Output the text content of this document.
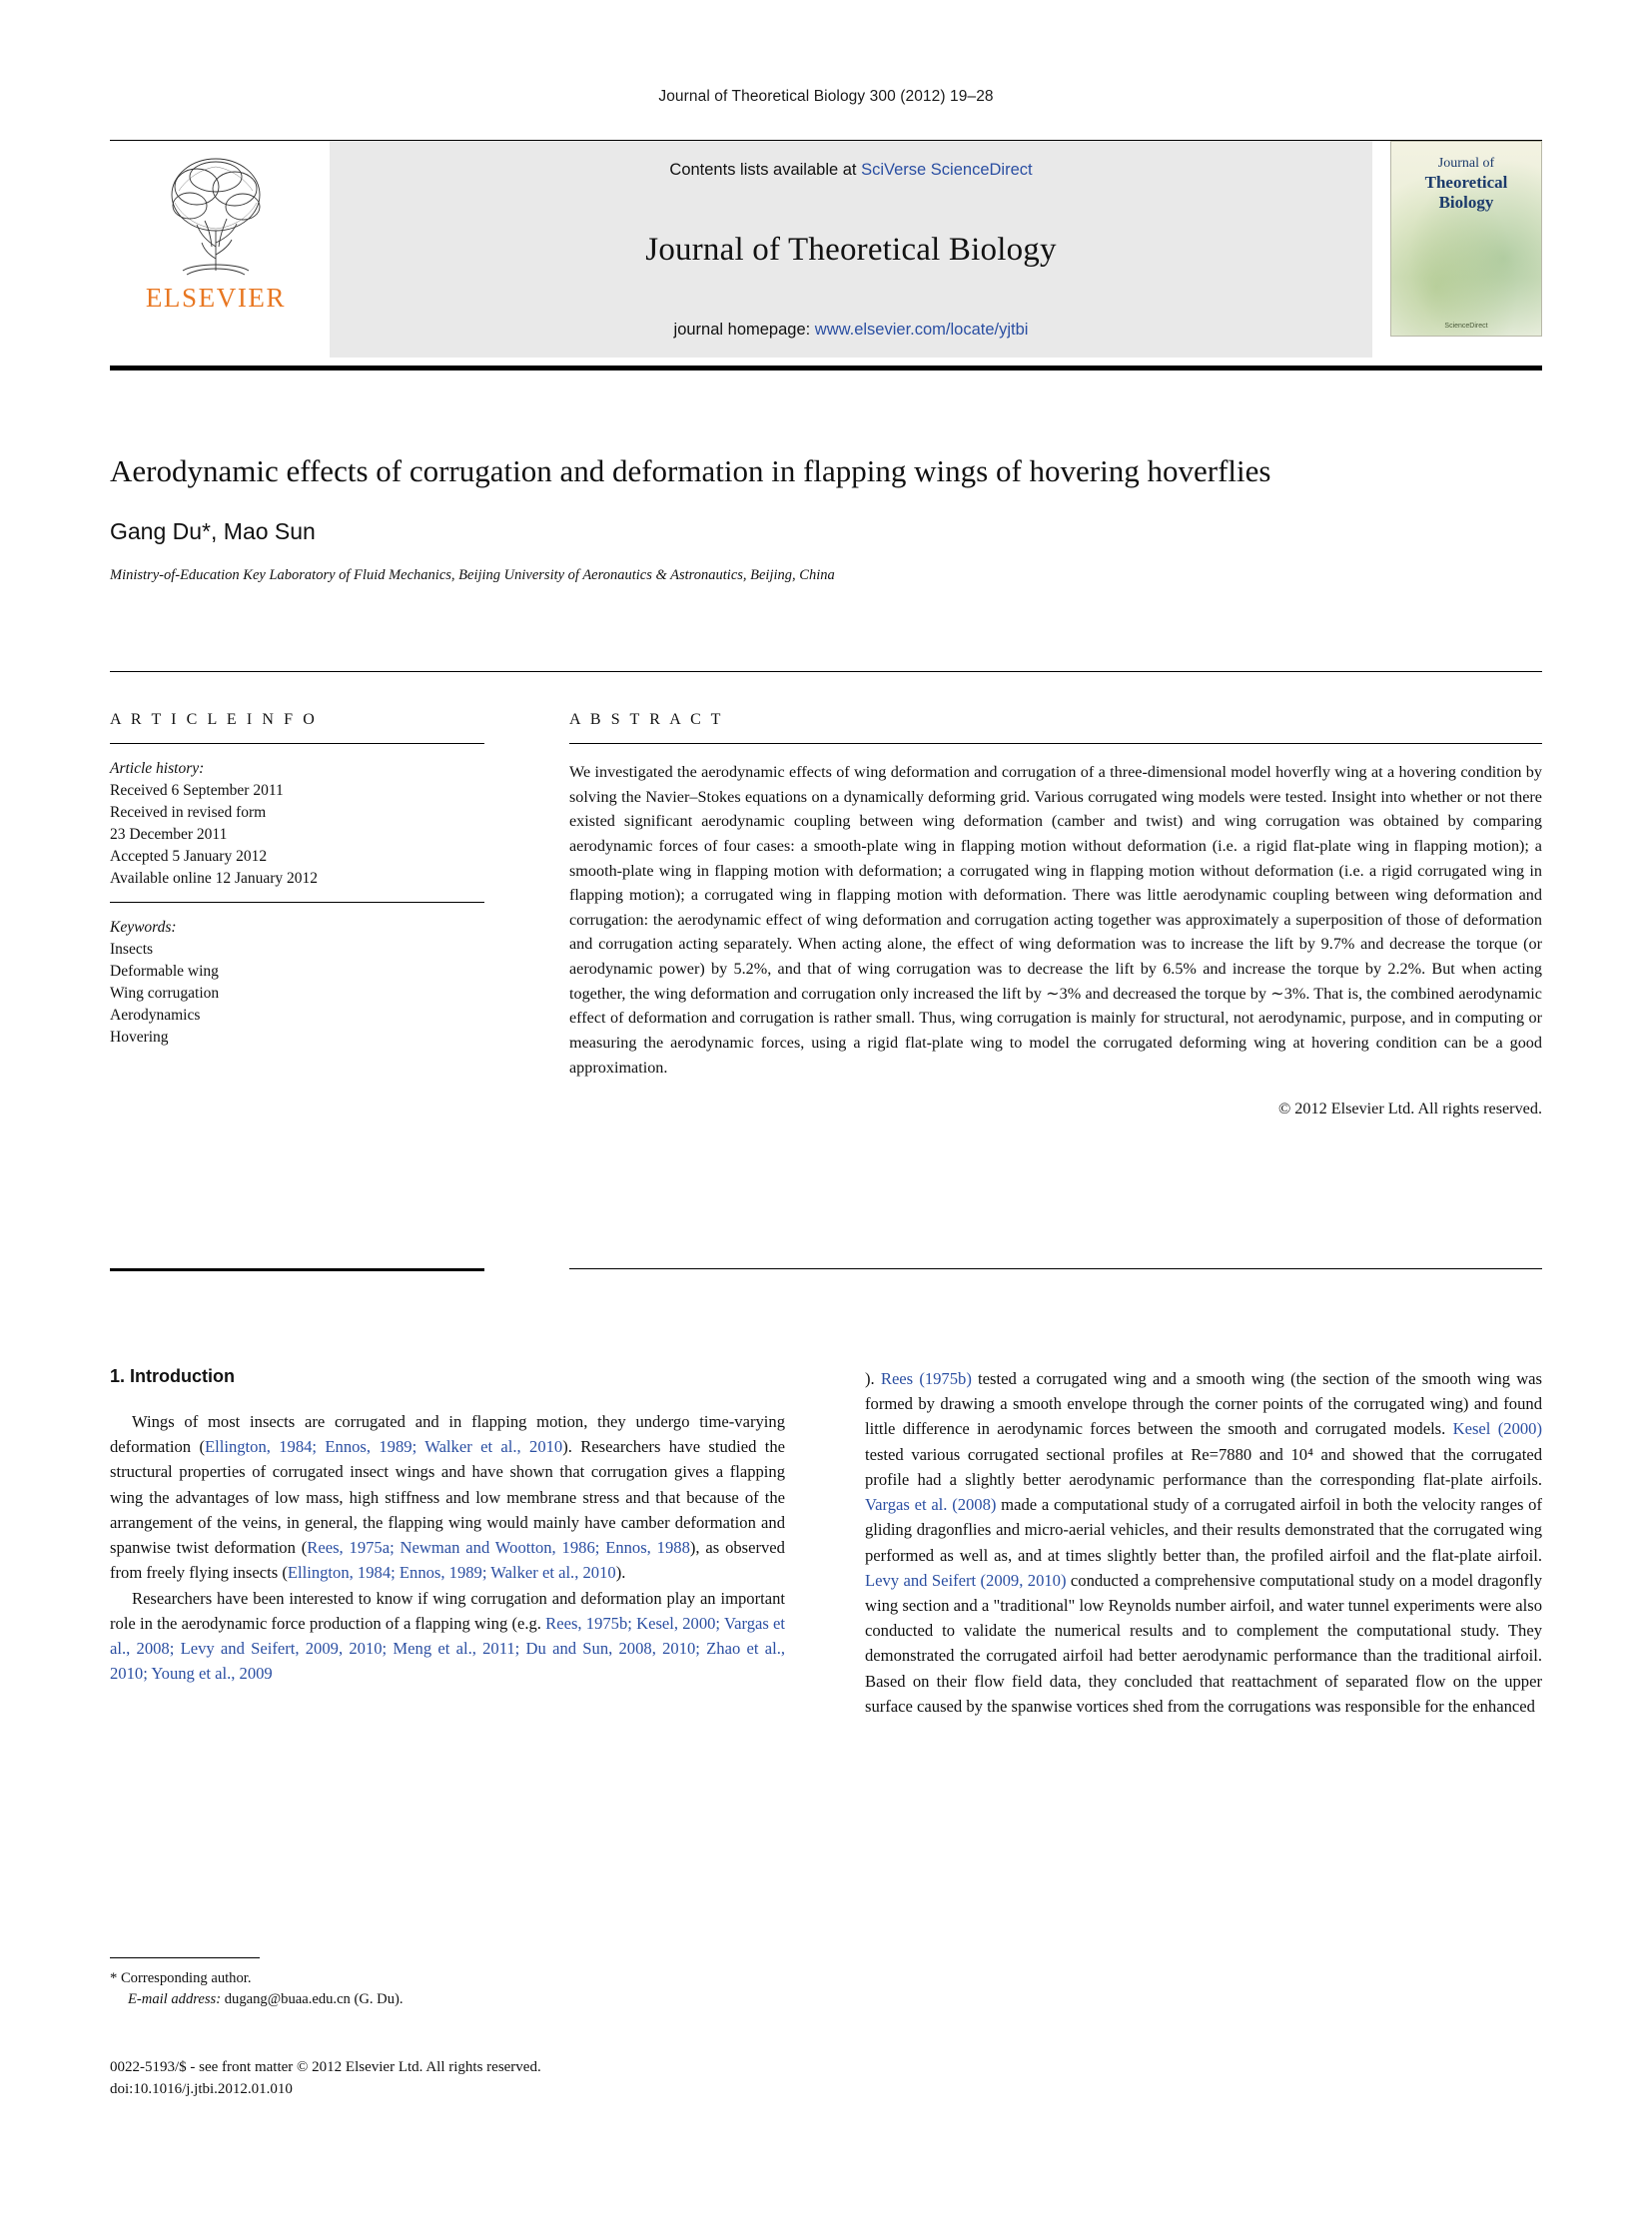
Journal of Theoretical Biology 300 (2012) 19–28
ELSEVIER
Contents lists available at SciVerse ScienceDirect
Journal of Theoretical Biology
journal homepage: www.elsevier.com/locate/yjtbi
Journal of
Theoretical
Biology
ScienceDirect
Aerodynamic effects of corrugation and deformation in flapping wings of hovering hoverflies
Gang Du*, Mao Sun
Ministry-of-Education Key Laboratory of Fluid Mechanics, Beijing University of Aeronautics & Astronautics, Beijing, China
A R T I C L E I N F O
Article history:
Received 6 September 2011
Received in revised form
23 December 2011
Accepted 5 January 2012
Available online 12 January 2012
Keywords:
Insects
Deformable wing
Wing corrugation
Aerodynamics
Hovering
A B S T R A C T
We investigated the aerodynamic effects of wing deformation and corrugation of a three-dimensional model hoverfly wing at a hovering condition by solving the Navier–Stokes equations on a dynamically deforming grid. Various corrugated wing models were tested. Insight into whether or not there existed significant aerodynamic coupling between wing deformation (camber and twist) and wing corrugation was obtained by comparing aerodynamic forces of four cases: a smooth-plate wing in flapping motion without deformation (i.e. a rigid flat-plate wing in flapping motion); a smooth-plate wing in flapping motion with deformation; a corrugated wing in flapping motion without deformation (i.e. a rigid corrugated wing in flapping motion); a corrugated wing in flapping motion with deformation. There was little aerodynamic coupling between wing deformation and corrugation: the aerodynamic effect of wing deformation and corrugation acting together was approximately a superposition of those of deformation and corrugation acting separately. When acting alone, the effect of wing deformation was to increase the lift by 9.7% and decrease the torque (or aerodynamic power) by 5.2%, and that of wing corrugation was to decrease the lift by 6.5% and increase the torque by 2.2%. But when acting together, the wing deformation and corrugation only increased the lift by ∼3% and decreased the torque by ∼3%. That is, the combined aerodynamic effect of deformation and corrugation is rather small. Thus, wing corrugation is mainly for structural, not aerodynamic, purpose, and in computing or measuring the aerodynamic forces, using a rigid flat-plate wing to model the corrugated deforming wing at hovering condition can be a good approximation.
© 2012 Elsevier Ltd. All rights reserved.
1. Introduction

Wings of most insects are corrugated and in flapping motion, they undergo time-varying deformation (Ellington, 1984; Ennos, 1989; Walker et al., 2010). Researchers have studied the structural properties of corrugated insect wings and have shown that corrugation gives a flapping wing the advantages of low mass, high stiffness and low membrane stress and that because of the arrangement of the veins, in general, the flapping wing would mainly have camber deformation and spanwise twist deformation (Rees, 1975a; Newman and Wootton, 1986; Ennos, 1988), as observed from freely flying insects (Ellington, 1984; Ennos, 1989; Walker et al., 2010).

Researchers have been interested to know if wing corrugation and deformation play an important role in the aerodynamic force production of a flapping wing (e.g. Rees, 1975b; Kesel, 2000; Vargas et al., 2008; Levy and Seifert, 2009, 2010; Meng et al., 2011; Du and Sun, 2008, 2010; Zhao et al., 2010; Young et al., 2009

). Rees (1975b) tested a corrugated wing and a smooth wing (the section of the smooth wing was formed by drawing a smooth envelope through the corner points of the corrugated wing) and found little difference in aerodynamic forces between the smooth and corrugated models. Kesel (2000) tested various corrugated sectional profiles at Re=7880 and 10⁴ and showed that the corrugated profile had a slightly better aerodynamic performance than the corresponding flat-plate airfoils. Vargas et al. (2008) made a computational study of a corrugated airfoil in both the velocity ranges of gliding dragonflies and micro-aerial vehicles, and their results demonstrated that the corrugated wing performed as well as, and at times slightly better than, the profiled airfoil and the flat-plate airfoil. Levy and Seifert (2009, 2010) conducted a comprehensive computational study on a model dragonfly wing section and a "traditional" low Reynolds number airfoil, and water tunnel experiments were also conducted to validate the numerical results and to complement the computational study. They demonstrated the corrugated airfoil had better aerodynamic performance than the traditional airfoil. Based on their flow field data, they concluded that reattachment of separated flow on the upper surface caused by the spanwise vortices shed from the corrugations was responsible for the enhanced

* Corresponding author.
E-mail address: dugang@buaa.edu.cn (G. Du).
0022-5193/$ - see front matter © 2012 Elsevier Ltd. All rights reserved.
doi:10.1016/j.jtbi.2012.01.010
